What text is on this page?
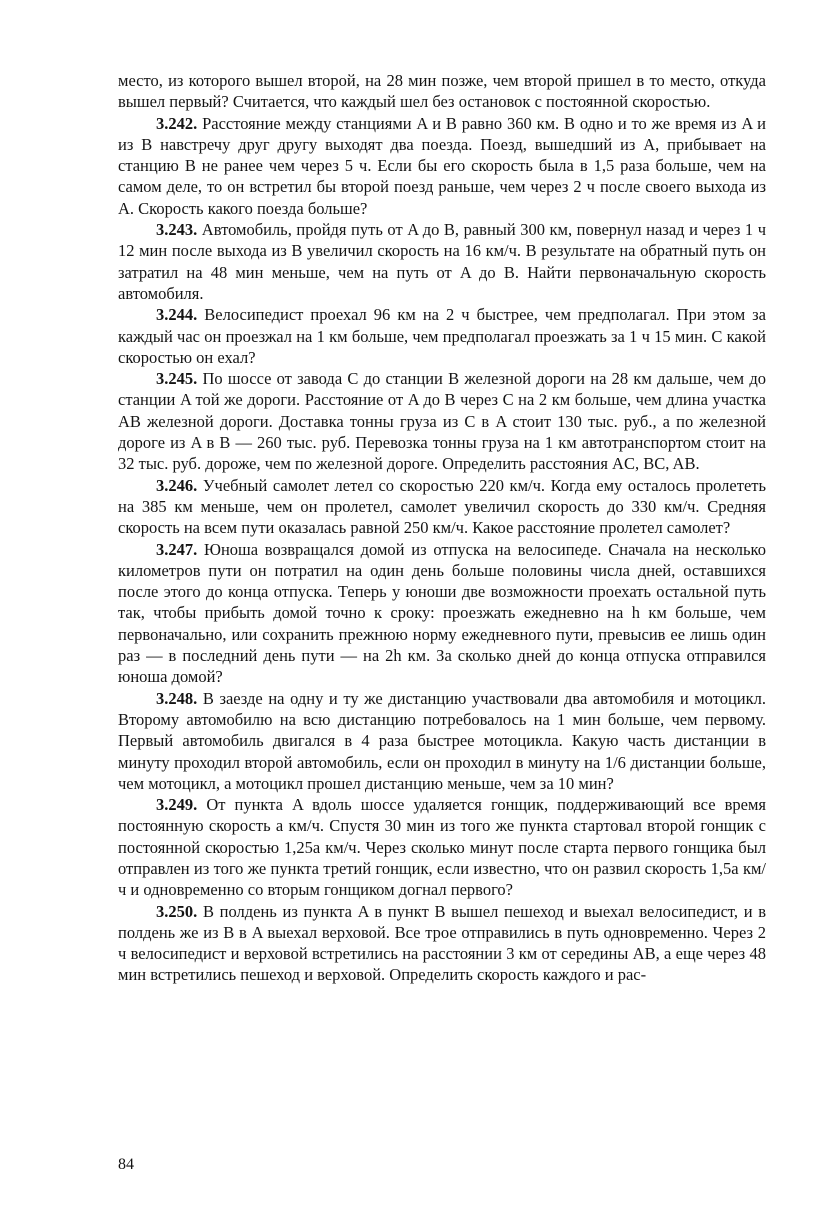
место, из которого вышел второй, на 28 мин позже, чем второй пришел в то место, откуда вышел первый? Считается, что каждый шел без остановок с постоянной скоростью.

3.242. Расстояние между станциями A и B равно 360 км. В одно и то же время из A и из B навстречу друг другу выходят два поезда. Поезд, вышедший из A, прибывает на станцию B не ранее чем через 5 ч. Если бы его скорость была в 1,5 раза больше, чем на самом деле, то он встретил бы второй поезд раньше, чем через 2 ч после своего выхода из A. Скорость какого поезда больше?

3.243. Автомобиль, пройдя путь от A до B, равный 300 км, повернул назад и через 1 ч 12 мин после выхода из B увеличил скорость на 16 км/ч. В результате на обратный путь он затратил на 48 мин меньше, чем на путь от A до B. Найти первоначальную скорость автомобиля.

3.244. Велосипедист проехал 96 км на 2 ч быстрее, чем предполагал. При этом за каждый час он проезжал на 1 км больше, чем предполагал проезжать за 1 ч 15 мин. С какой скоростью он ехал?

3.245. По шоссе от завода C до станции B железной дороги на 28 км дальше, чем до станции A той же дороги. Расстояние от A до B через C на 2 км больше, чем длина участка AB железной дороги. Доставка тонны груза из C в A стоит 130 тыс. руб., а по железной дороге из A в B — 260 тыс. руб. Перевозка тонны груза на 1 км автотранспортом стоит на 32 тыс. руб. дороже, чем по железной дороге. Определить расстояния AC, BC, AB.

3.246. Учебный самолет летел со скоростью 220 км/ч. Когда ему осталось пролететь на 385 км меньше, чем он пролетел, самолет увеличил скорость до 330 км/ч. Средняя скорость на всем пути оказалась равной 250 км/ч. Какое расстояние пролетел самолет?

3.247. Юноша возвращался домой из отпуска на велосипеде. Сначала на несколько километров пути он потратил на один день больше половины числа дней, оставшихся после этого до конца отпуска. Теперь у юноши две возможности проехать остальной путь так, чтобы прибыть домой точно к сроку: проезжать ежедневно на h км больше, чем первоначально, или сохранить прежнюю норму ежедневного пути, превысив ее лишь один раз — в последний день пути — на 2h км. За сколько дней до конца отпуска отправился юноша домой?

3.248. В заезде на одну и ту же дистанцию участвовали два автомобиля и мотоцикл. Второму автомобилю на всю дистанцию потребовалось на 1 мин больше, чем первому. Первый автомобиль двигался в 4 раза быстрее мотоцикла. Какую часть дистанции в минуту проходил второй автомобиль, если он проходил в минуту на 1/6 дистанции больше, чем мотоцикл, а мотоцикл прошел дистанцию меньше, чем за 10 мин?

3.249. От пункта A вдоль шоссе удаляется гонщик, поддерживающий все время постоянную скорость a км/ч. Спустя 30 мин из того же пункта стартовал второй гонщик с постоянной скоростью 1,25a км/ч. Через сколько минут после старта первого гонщика был отправлен из того же пункта третий гонщик, если известно, что он развил скорость 1,5a км/ч и одновременно со вторым гонщиком догнал первого?

3.250. В полдень из пункта A в пункт B вышел пешеход и выехал велосипедист, и в полдень же из B в A выехал верховой. Все трое отправились в путь одновременно. Через 2 ч велосипедист и верховой встретились на расстоянии 3 км от середины AB, а еще через 48 мин встретились пешеход и верховой. Определить скорость каждого и рас-

84
